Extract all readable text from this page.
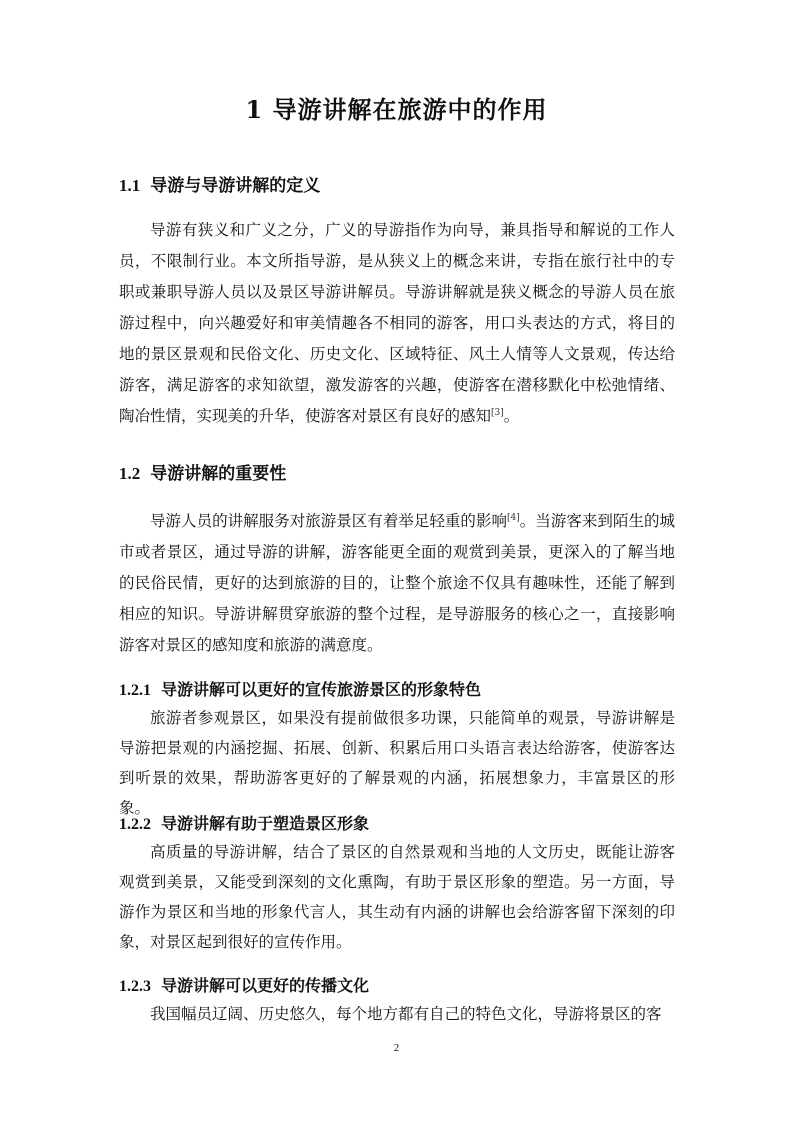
1 导游讲解在旅游中的作用
1.1 导游与导游讲解的定义

导游有狭义和广义之分，广义的导游指作为向导，兼具指导和解说的工作人员，不限制行业。本文所指导游，是从狭义上的概念来讲，专指在旅行社中的专职或兼职导游人员以及景区导游讲解员。导游讲解就是狭义概念的导游人员在旅游过程中，向兴趣爱好和审美情趣各不相同的游客，用口头表达的方式，将目的地的景区景观和民俗文化、历史文化、区域特征、风土人情等人文景观，传达给游客，满足游客的求知欲望，激发游客的兴趣，使游客在潜移默化中松弛情绪、陶冶性情，实现美的升华，使游客对景区有良好的感知[3]。

1.2 导游讲解的重要性

导游人员的讲解服务对旅游景区有着举足轻重的影响[4]。当游客来到陌生的城市或者景区，通过导游的讲解，游客能更全面的观赏到美景，更深入的了解当地的民俗民情，更好的达到旅游的目的，让整个旅途不仅具有趣味性，还能了解到相应的知识。导游讲解贯穿旅游的整个过程，是导游服务的核心之一，直接影响游客对景区的感知度和旅游的满意度。

1.2.1 导游讲解可以更好的宣传旅游景区的形象特色

旅游者参观景区，如果没有提前做很多功课，只能简单的观景，导游讲解是导游把景观的内涵挖掘、拓展、创新、积累后用口头语言表达给游客，使游客达到听景的效果，帮助游客更好的了解景观的内涵，拓展想象力，丰富景区的形象。

1.2.2 导游讲解有助于塑造景区形象

高质量的导游讲解，结合了景区的自然景观和当地的人文历史，既能让游客观赏到美景，又能受到深刻的文化熏陶，有助于景区形象的塑造。另一方面，导游作为景区和当地的形象代言人，其生动有内涵的讲解也会给游客留下深刻的印象，对景区起到很好的宣传作用。

1.2.3 导游讲解可以更好的传播文化

我国幅员辽阔、历史悠久，每个地方都有自己的特色文化，导游将景区的客

2
